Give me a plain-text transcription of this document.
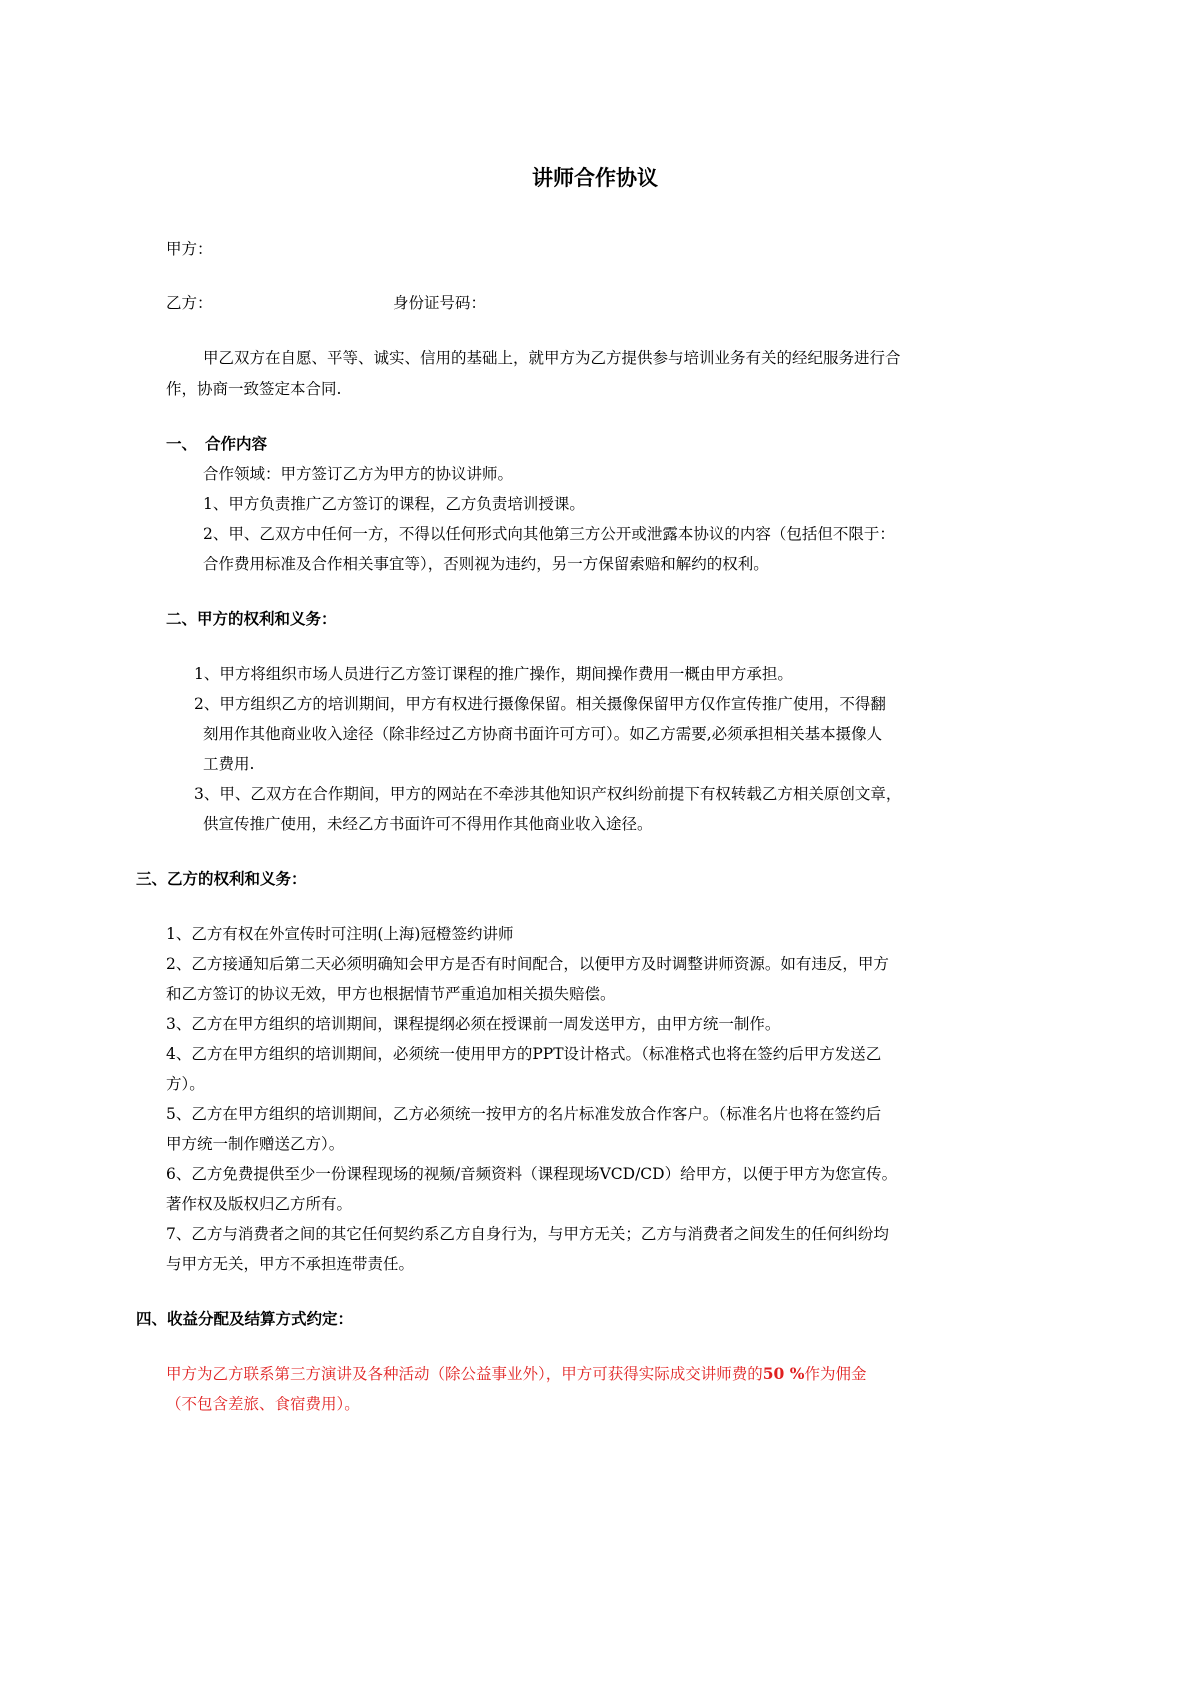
讲师合作协议
甲方：
乙方：	身份证号码：
甲乙双方在自愿、平等、诚实、信用的基础上，就甲方为乙方提供参与培训业务有关的经纪服务进行合
作，协商一致签定本合同.
一、 合作内容
合作领域：甲方签订乙方为甲方的协议讲师。
1、甲方负责推广乙方签订的课程，乙方负责培训授课。
2、甲、乙双方中任何一方，不得以任何形式向其他第三方公开或泄露本协议的内容（包括但不限于：
合作费用标准及合作相关事宜等），否则视为违约，另一方保留索赔和解约的权利。
二、甲方的权利和义务：
1、甲方将组织市场人员进行乙方签订课程的推广操作，期间操作费用一概由甲方承担。
2、甲方组织乙方的培训期间，甲方有权进行摄像保留。相关摄像保留甲方仅作宣传推广使用，不得翻
刻用作其他商业收入途径（除非经过乙方协商书面许可方可）。如乙方需要,必须承担相关基本摄像人
工费用.
3、甲、乙双方在合作期间，甲方的网站在不牵涉其他知识产权纠纷前提下有权转载乙方相关原创文章，
供宣传推广使用，未经乙方书面许可不得用作其他商业收入途径。
三、乙方的权利和义务：
1、乙方有权在外宣传时可注明(上海)冠橙签约讲师
2、乙方接通知后第二天必须明确知会甲方是否有时间配合，以便甲方及时调整讲师资源。如有违反，甲方
和乙方签订的协议无效，甲方也根据情节严重追加相关损失赔偿。
3、乙方在甲方组织的培训期间，课程提纲必须在授课前一周发送甲方，由甲方统一制作。
4、乙方在甲方组织的培训期间，必须统一使用甲方的PPT设计格式。（标准格式也将在签约后甲方发送乙
方）。
5、乙方在甲方组织的培训期间，乙方必须统一按甲方的名片标准发放合作客户。（标准名片也将在签约后
甲方统一制作赠送乙方）。
6、乙方免费提供至少一份课程现场的视频/音频资料（课程现场VCD/CD）给甲方，以便于甲方为您宣传。
著作权及版权归乙方所有。
7、乙方与消费者之间的其它任何契约系乙方自身行为，与甲方无关；乙方与消费者之间发生的任何纠纷均
与甲方无关，甲方不承担连带责任。
四、收益分配及结算方式约定：
甲方为乙方联系第三方演讲及各种活动（除公益事业外），甲方可获得实际成交讲师费的50 %作为佣金
（不包含差旅、食宿费用）。
